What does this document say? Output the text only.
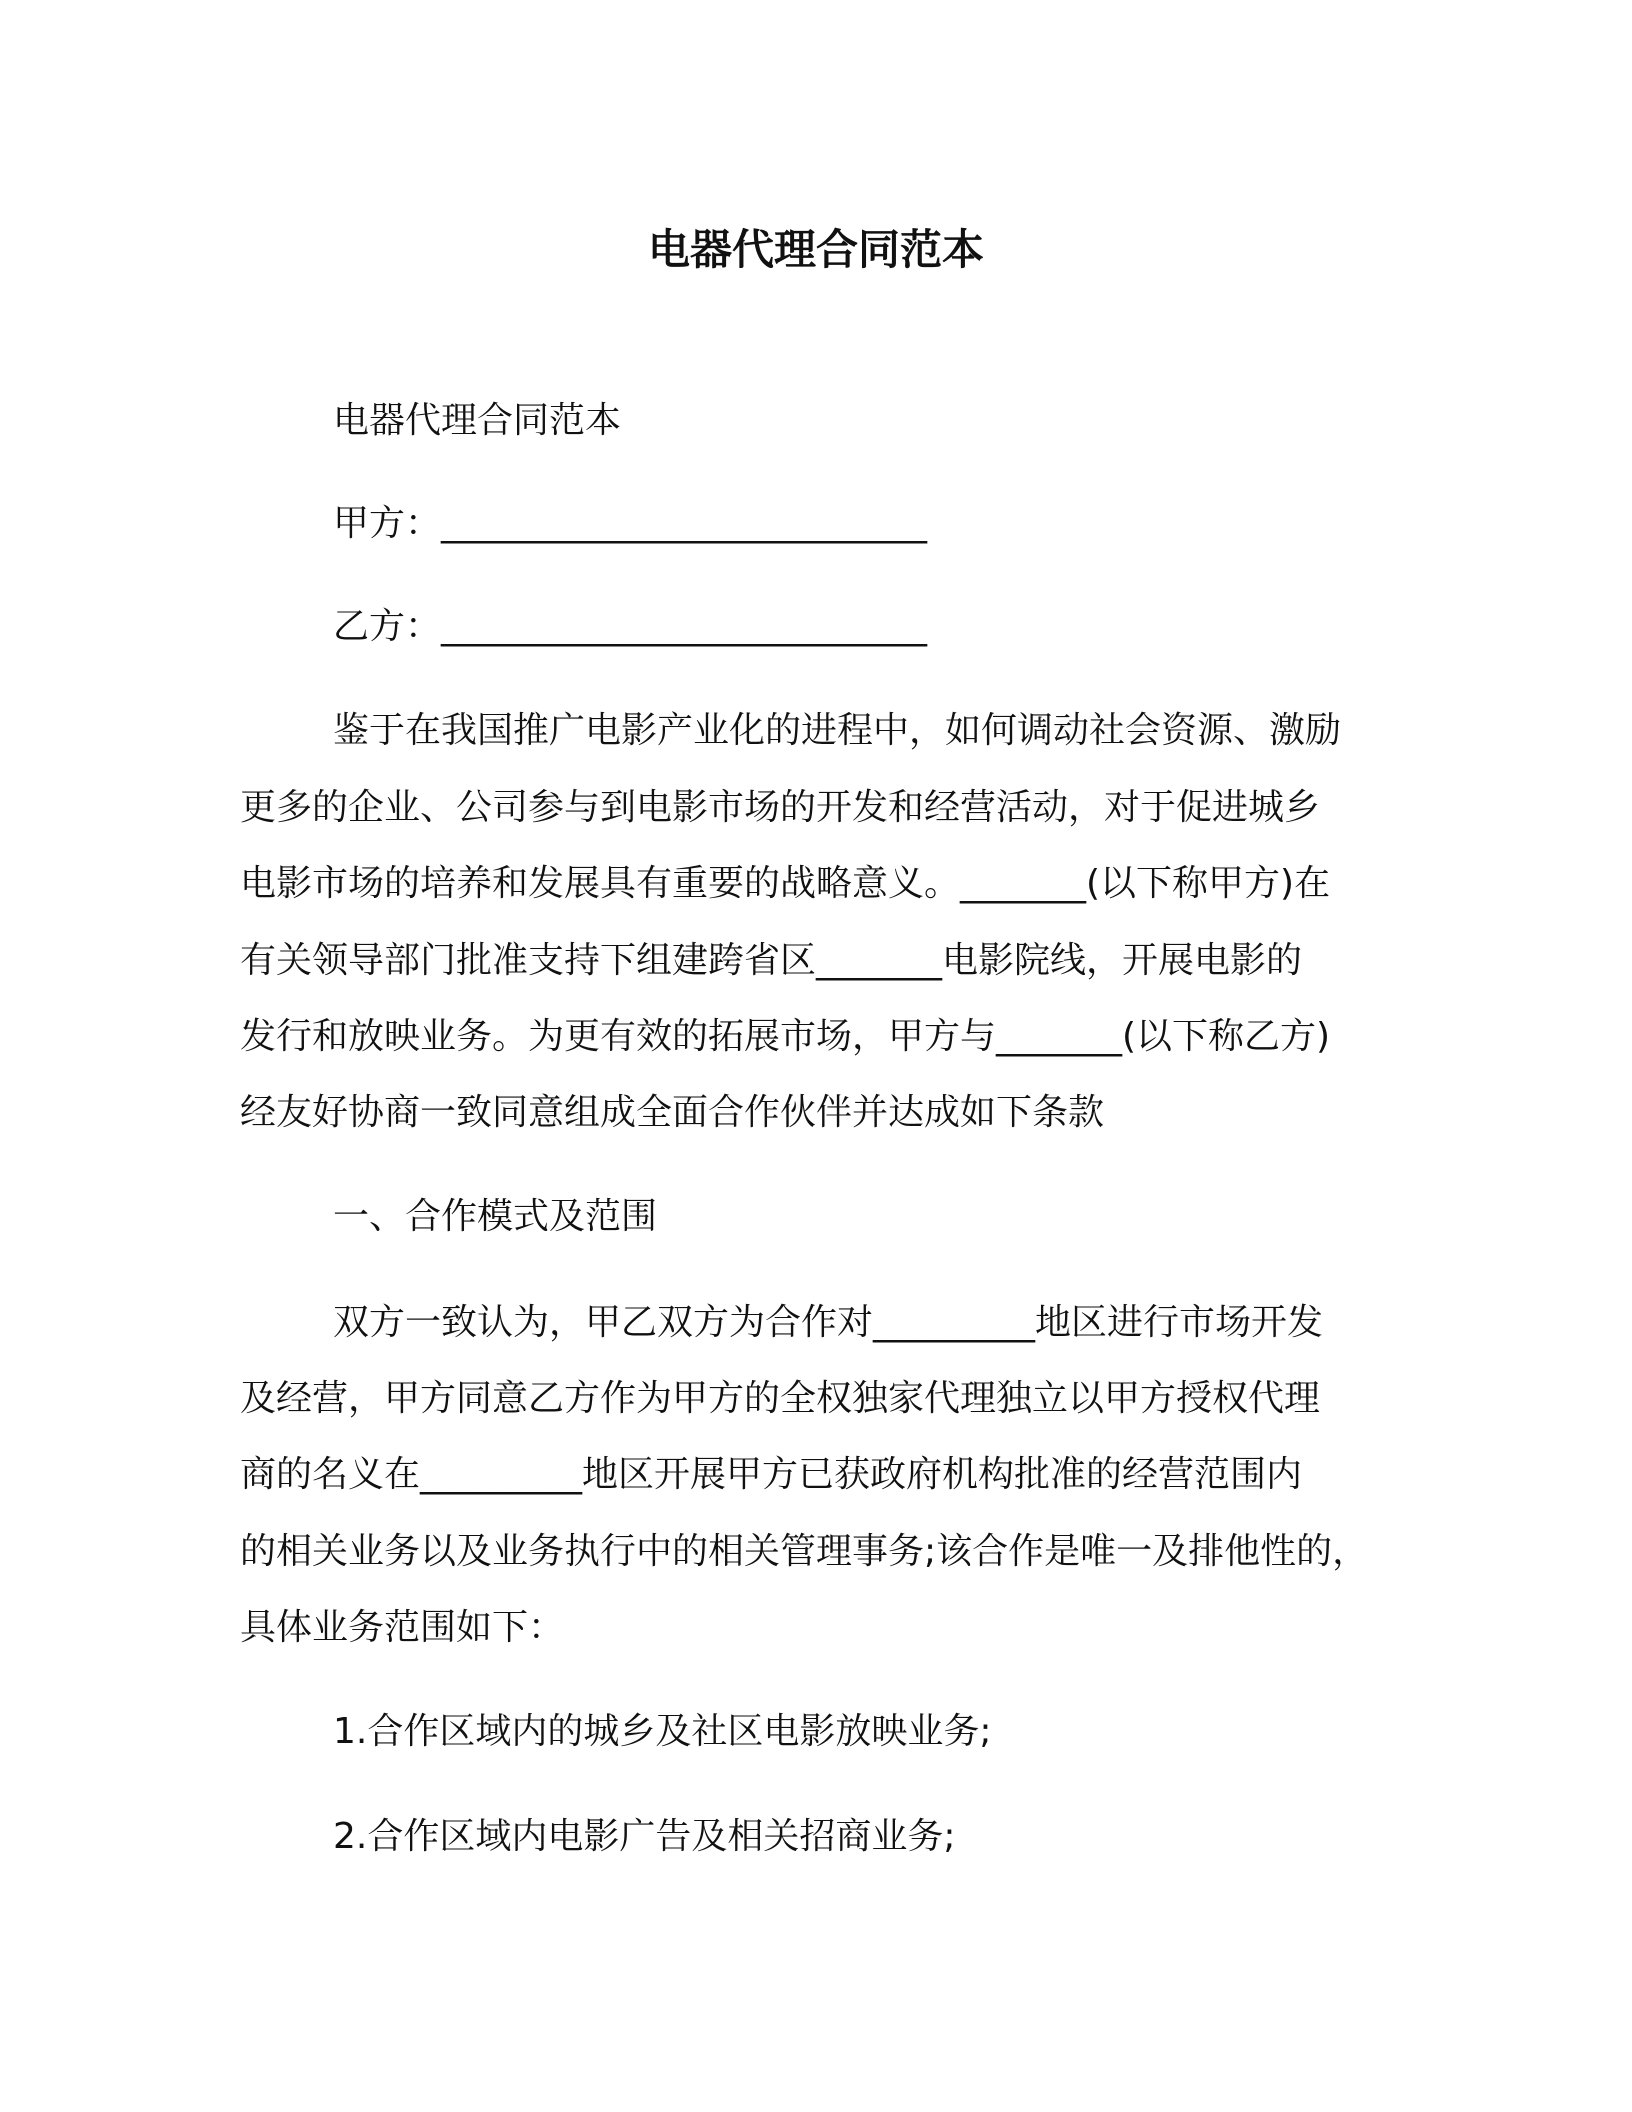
电器代理合同范本
电器代理合同范本
甲方：___________________________
乙方：___________________________
鉴于在我国推广电影产业化的进程中，如何调动社会资源、激励
更多的企业、公司参与到电影市场的开发和经营活动，对于促进城乡
电影市场的培养和发展具有重要的战略意义。_______(以下称甲方)在
有关领导部门批准支持下组建跨省区_______电影院线，开展电影的
发行和放映业务。为更有效的拓展市场，甲方与_______(以下称乙方)
经友好协商一致同意组成全面合作伙伴并达成如下条款
一、合作模式及范围
双方一致认为，甲乙双方为合作对_________地区进行市场开发
及经营，甲方同意乙方作为甲方的全权独家代理独立以甲方授权代理
商的名义在_________地区开展甲方已获政府机构批准的经营范围内
的相关业务以及业务执行中的相关管理事务;该合作是唯一及排他性的，
具体业务范围如下：
1.合作区域内的城乡及社区电影放映业务;
2.合作区域内电影广告及相关招商业务;
